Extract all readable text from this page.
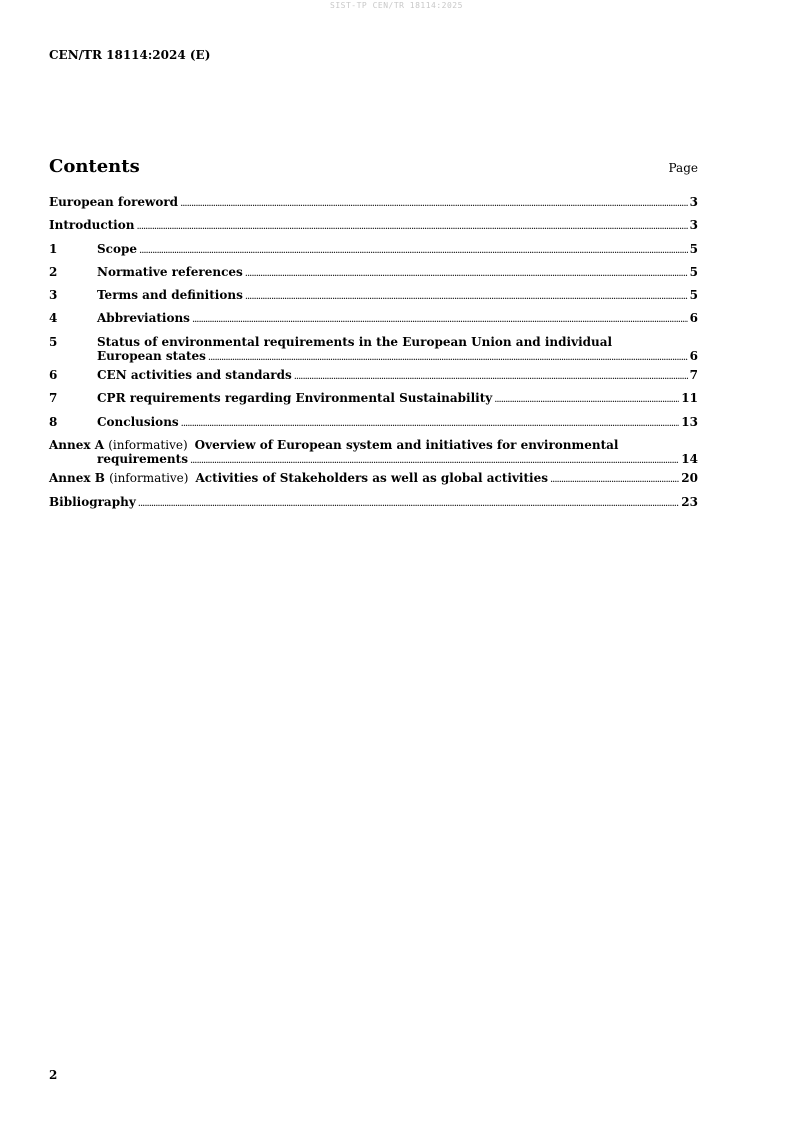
SIST-TP CEN/TR 18114:2025
CEN/TR 18114:2024 (E)
Contents	Page
European foreword .....	3
Introduction .....	3
1	Scope .....	5
2	Normative references .....	5
3	Terms and definitions .....	5
4	Abbreviations .....	6
5	Status of environmental requirements in the European Union and individual
European states .....	6
6	CEN activities and standards .....	7
7	CPR requirements regarding Environmental Sustainability .....	11
8	Conclusions .....	13
Annex A (informative) Overview of European system and initiatives for environmental
requirements .....	14
Annex B (informative) Activities of Stakeholders as well as global activities .....	20
Bibliography .....	23
2
